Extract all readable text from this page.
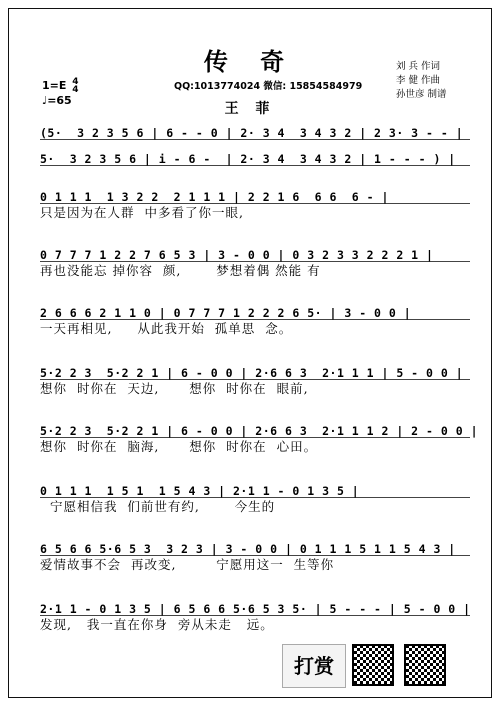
传 奇
QQ:1013774024 微信: 15854584979
刘 兵 作词
李 健 作曲
孙世彦 制谱
1=E 4
4
♩=65
王 菲
(5·  3 2 3 5 6 | 6 - - 0 | 2· 3 4  3 4 3 2 | 2 3· 3 - - |
5·  3 2 3 5 6 | i - 6 -  | 2· 3 4  3 4 3 2 | 1 - - - ) |
0 1 1 1  1 3 2 2  2 1 1 1 | 2 2 1 6  6 6  6 - |
只是因为在人群  中多看了你一眼,
0 7 7 7 1 2 2 7 6 5 3 | 3 - 0 0 | 0 3 2 3 3 2 2 2 1 |
再也没能忘 掉你容  颜,       梦想着偶 然能 有
2 6 6 6 2 1 1 0 | 0 7 7 7 1 2 2 2 6 5· | 3 - 0 0 |
一天再相见,     从此我开始  孤单思  念。
5·2 2 3  5·2 2 1 | 6 - 0 0 | 2·6 6 3  2·1 1 1 | 5 - 0 0 |
想你  时你在  天边,      想你  时你在  眼前,
5·2 2 3  5·2 2 1 | 6 - 0 0 | 2·6 6 3  2·1 1 1 2 | 2 - 0 0 |
想你  时你在  脑海,      想你  时你在  心田。
0 1 1 1  1 5 1  1 5 4 3 | 2·1 1 - 0 1 3 5 |
宁愿相信我  们前世有约,       今生的
6 5 6 6 5·6 5 3  3 2 3 | 3 - 0 0 | 0 1 1 1 5 1 1 5 4 3 |
爱情故事不会  再改变,        宁愿用这一  生等你
2·1 1 - 0 1 3 5 | 6 5 6 6 5·6 5 3 5· | 5 - - - | 5 - 0 0 |
发现,   我一直在你身  旁从未走   远。
打赏
